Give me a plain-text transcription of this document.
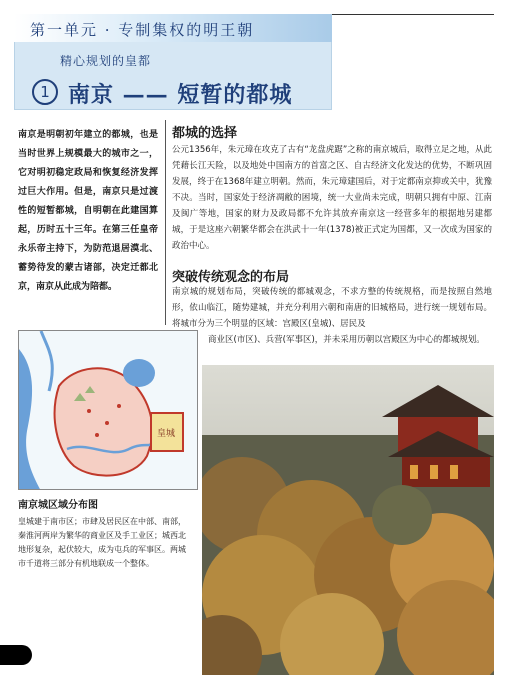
第一单元 · 专制集权的明王朝
精心规划的皇都
1 南京 —— 短暂的都城
南京是明朝初年建立的都城，也是当时世界上规模最大的城市之一，它对明初稳定政局和恢复经济发挥过巨大作用。但是，南京只是过渡性的短暂都城，自明朝在此建国算起，历时五十三年。在第三任皇帝永乐帝主持下，为防范退居漠北、蓄势待发的蒙古诸部，决定迁都北京，南京从此成为陪都。
都城的选择
公元1356年，朱元璋在攻克了古有“龙盘虎踞”之称的南京城后，取得立足之地，从此凭藉长江天险，以及地处中国南方的首富之区、自古经济文化发达的优势，不断巩固发展，终于在1368年建立明朝。然而，朱元璋建国后，对于定都南京抑或关中，犹豫不决。当时，国家处于经济凋敝的困境，统一大业尚未完成，明朝只拥有中原、江南及闽广等地，国家的财力及政局都不允许其放弃南京这一经营多年的根据地另建都城，于是这座六朝繁华都会在洪武十一年(1378)被正式定为国都，又一次成为国家的政治中心。
突破传统观念的布局
南京城的规划布局，突破传统的都城观念，不求方整的传统规格，而是按照自然地形，依山临江，随势建城，并充分利用六朝和南唐的旧城格局，进行统一规划布局。将城市分为三个明显的区域：宫殿区(皇城)、居民及
商业区(市区)、兵营(军事区)，并未采用历朝以宫殿区为中心的都城规划。
皇城
南京城区域分布图
皇城建于南市区；市肆及居民区在中部、南部，秦淮河两岸为繁华的商业区及手工业区；城西北地形复杂，起伏较大，成为屯兵的军事区。两城市千道将三部分有机地联成一个整体。
